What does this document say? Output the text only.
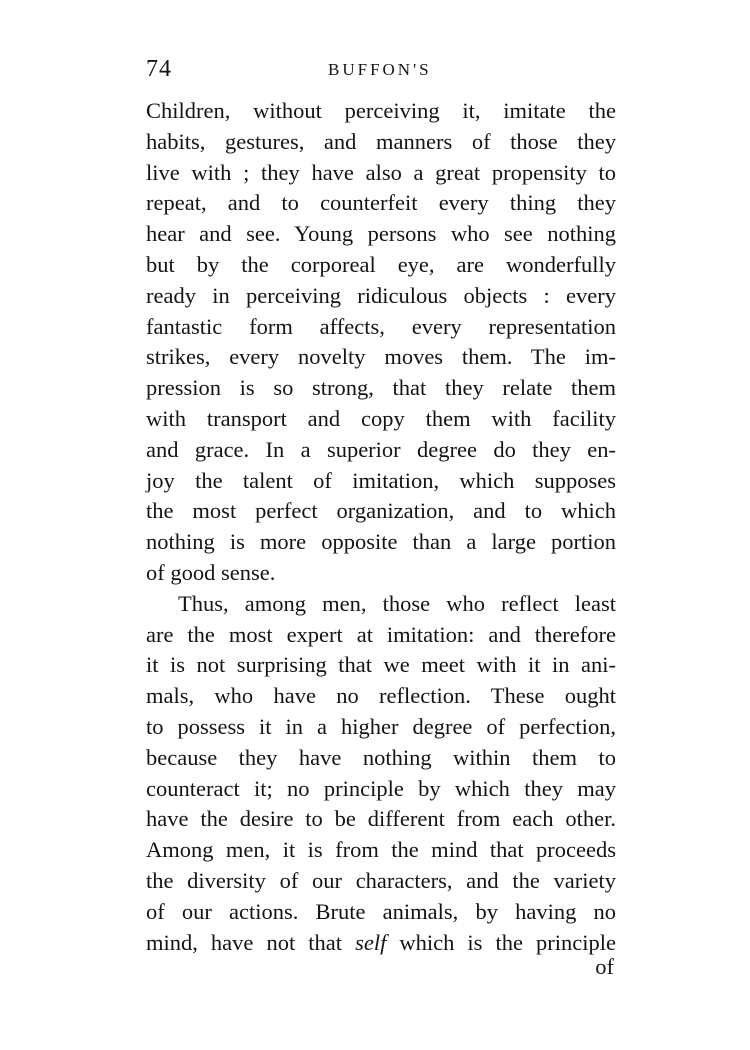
74	BUFFON'S
Children, without perceiving it, imitate the
habits, gestures, and manners of those they
live with ; they have also a great propensity to
repeat, and to counterfeit every thing they
hear and see. Young persons who see nothing
but by the corporeal eye, are wonderfully
ready in perceiving ridiculous objects : every
fantastic form affects, every representation
strikes, every novelty moves them. The im-
pression is so strong, that they relate them
with transport and copy them with facility
and grace. In a superior degree do they en-
joy the talent of imitation, which supposes
the most perfect organization, and to which
nothing is more opposite than a large portion
of good sense.
Thus, among men, those who reflect least
are the most expert at imitation: and therefore
it is not surprising that we meet with it in ani-
mals, who have no reflection. These ought
to possess it in a higher degree of perfection,
because they have nothing within them to
counteract it; no principle by which they may
have the desire to be different from each other.
Among men, it is from the mind that proceeds
the diversity of our characters, and the variety
of our actions. Brute animals, by having no
mind, have not that self which is the principle
of
